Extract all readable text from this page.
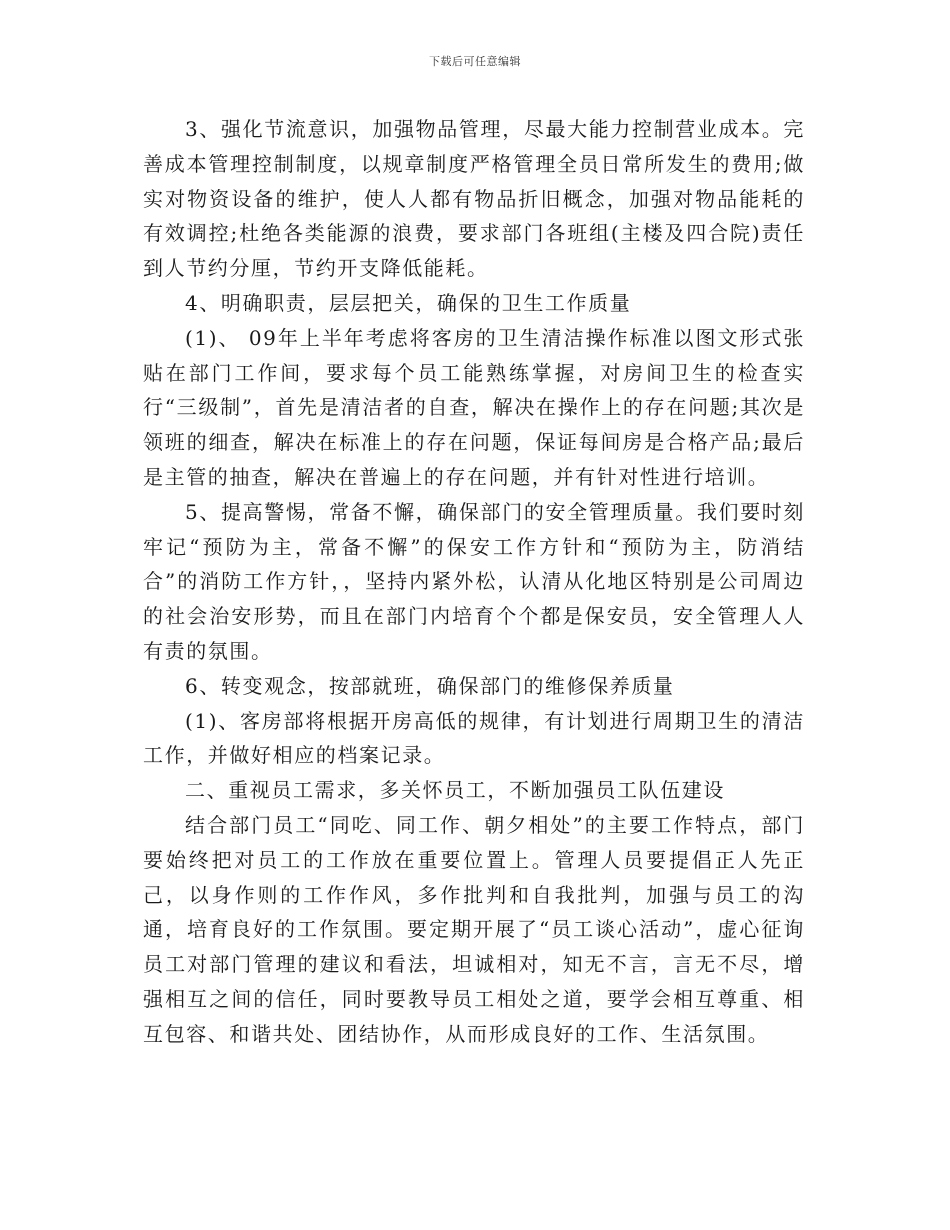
下载后可任意编辑

3、强化节流意识，加强物品管理，尽最大能力控制营业成本。完善成本管理控制制度，以规章制度严格管理全员日常所发生的费用;做实对物资设备的维护，使人人都有物品折旧概念，加强对物品能耗的有效调控;杜绝各类能源的浪费，要求部门各班组(主楼及四合院)责任到人节约分厘，节约开支降低能耗。

4、明确职责，层层把关，确保的卫生工作质量

(1)、 09年上半年考虑将客房的卫生清洁操作标准以图文形式张贴在部门工作间，要求每个员工能熟练掌握，对房间卫生的检查实行“三级制”，首先是清洁者的自查，解决在操作上的存在问题;其次是领班的细查，解决在标准上的存在问题，保证每间房是合格产品;最后是主管的抽查，解决在普遍上的存在问题，并有针对性进行培训。

5、提高警惕，常备不懈，确保部门的安全管理质量。我们要时刻牢记“预防为主，常备不懈”的保安工作方针和“预防为主，防消结合”的消防工作方针，，坚持内紧外松，认清从化地区特别是公司周边的社会治安形势，而且在部门内培育个个都是保安员，安全管理人人有责的氛围。

6、转变观念，按部就班，确保部门的维修保养质量

(1)、客房部将根据开房高低的规律，有计划进行周期卫生的清洁工作，并做好相应的档案记录。

二、重视员工需求，多关怀员工，不断加强员工队伍建设

结合部门员工“同吃、同工作、朝夕相处”的主要工作特点，部门要始终把对员工的工作放在重要位置上。管理人员要提倡正人先正己，以身作则的工作作风，多作批判和自我批判，加强与员工的沟通，培育良好的工作氛围。要定期开展了“员工谈心活动”，虚心征询员工对部门管理的建议和看法，坦诚相对，知无不言，言无不尽，增强相互之间的信任，同时要教导员工相处之道，要学会相互尊重、相互包容、和谐共处、团结协作，从而形成良好的工作、生活氛围。
